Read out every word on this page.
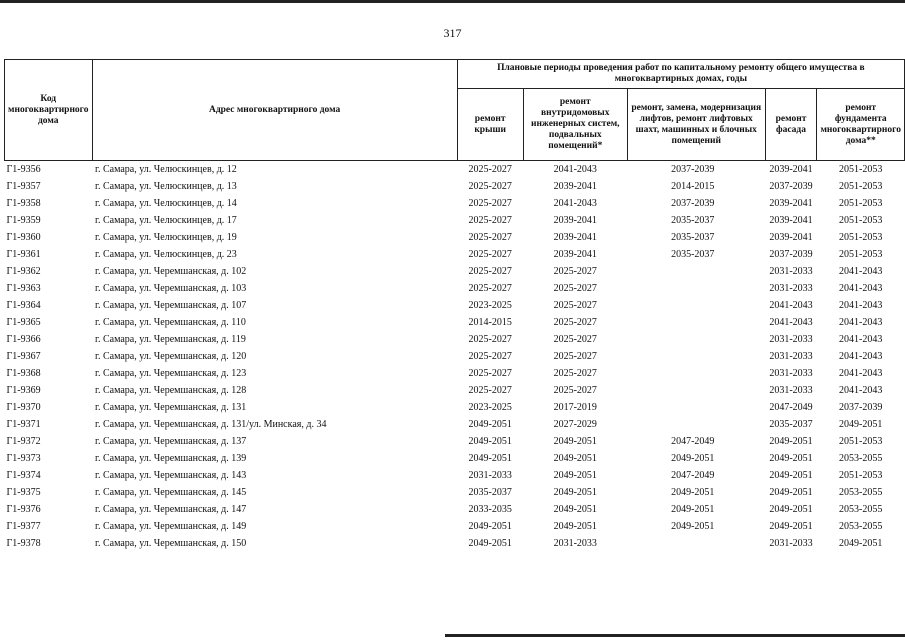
317
Код многоквартирного дома	Адрес многоквартирного дома	Плановые периоды проведения работ по капитальному ремонту общего имущества в многоквартирных домах, годы				
		ремонт крыши	ремонт внутридомовых инженерных систем, подвальных помещений*	ремонт, замена, модернизация лифтов, ремонт лифтовых шахт, машинных и блочных помещений	ремонт фасада	ремонт фундамента многоквартирного дома**
Г1-9356	г. Самара, ул. Челюскинцев, д. 12	2025-2027	2041-2043	2037-2039	2039-2041	2051-2053
Г1-9357	г. Самара, ул. Челюскинцев, д. 13	2025-2027	2039-2041	2014-2015	2037-2039	2051-2053
Г1-9358	г. Самара, ул. Челюскинцев, д. 14	2025-2027	2041-2043	2037-2039	2039-2041	2051-2053
Г1-9359	г. Самара, ул. Челюскинцев, д. 17	2025-2027	2039-2041	2035-2037	2039-2041	2051-2053
Г1-9360	г. Самара, ул. Челюскинцев, д. 19	2025-2027	2039-2041	2035-2037	2039-2041	2051-2053
Г1-9361	г. Самара, ул. Челюскинцев, д. 23	2025-2027	2039-2041	2035-2037	2037-2039	2051-2053
Г1-9362	г. Самара, ул. Черемшанская, д. 102	2025-2027	2025-2027		2031-2033	2041-2043
Г1-9363	г. Самара, ул. Черемшанская, д. 103	2025-2027	2025-2027		2031-2033	2041-2043
Г1-9364	г. Самара, ул. Черемшанская, д. 107	2023-2025	2025-2027		2041-2043	2041-2043
Г1-9365	г. Самара, ул. Черемшанская, д. 110	2014-2015	2025-2027		2041-2043	2041-2043
Г1-9366	г. Самара, ул. Черемшанская, д. 119	2025-2027	2025-2027		2031-2033	2041-2043
Г1-9367	г. Самара, ул. Черемшанская, д. 120	2025-2027	2025-2027		2031-2033	2041-2043
Г1-9368	г. Самара, ул. Черемшанская, д. 123	2025-2027	2025-2027		2031-2033	2041-2043
Г1-9369	г. Самара, ул. Черемшанская, д. 128	2025-2027	2025-2027		2031-2033	2041-2043
Г1-9370	г. Самара, ул. Черемшанская, д. 131	2023-2025	2017-2019		2047-2049	2037-2039
Г1-9371	г. Самара, ул. Черемшанская, д. 131/ул. Минская, д. 34	2049-2051	2027-2029		2035-2037	2049-2051
Г1-9372	г. Самара, ул. Черемшанская, д. 137	2049-2051	2049-2051	2047-2049	2049-2051	2051-2053
Г1-9373	г. Самара, ул. Черемшанская, д. 139	2049-2051	2049-2051	2049-2051	2049-2051	2053-2055
Г1-9374	г. Самара, ул. Черемшанская, д. 143	2031-2033	2049-2051	2047-2049	2049-2051	2051-2053
Г1-9375	г. Самара, ул. Черемшанская, д. 145	2035-2037	2049-2051	2049-2051	2049-2051	2053-2055
Г1-9376	г. Самара, ул. Черемшанская, д. 147	2033-2035	2049-2051	2049-2051	2049-2051	2053-2055
Г1-9377	г. Самара, ул. Черемшанская, д. 149	2049-2051	2049-2051	2049-2051	2049-2051	2053-2055
Г1-9378	г. Самара, ул. Черемшанская, д. 150	2049-2051	2031-2033		2031-2033	2049-2051
